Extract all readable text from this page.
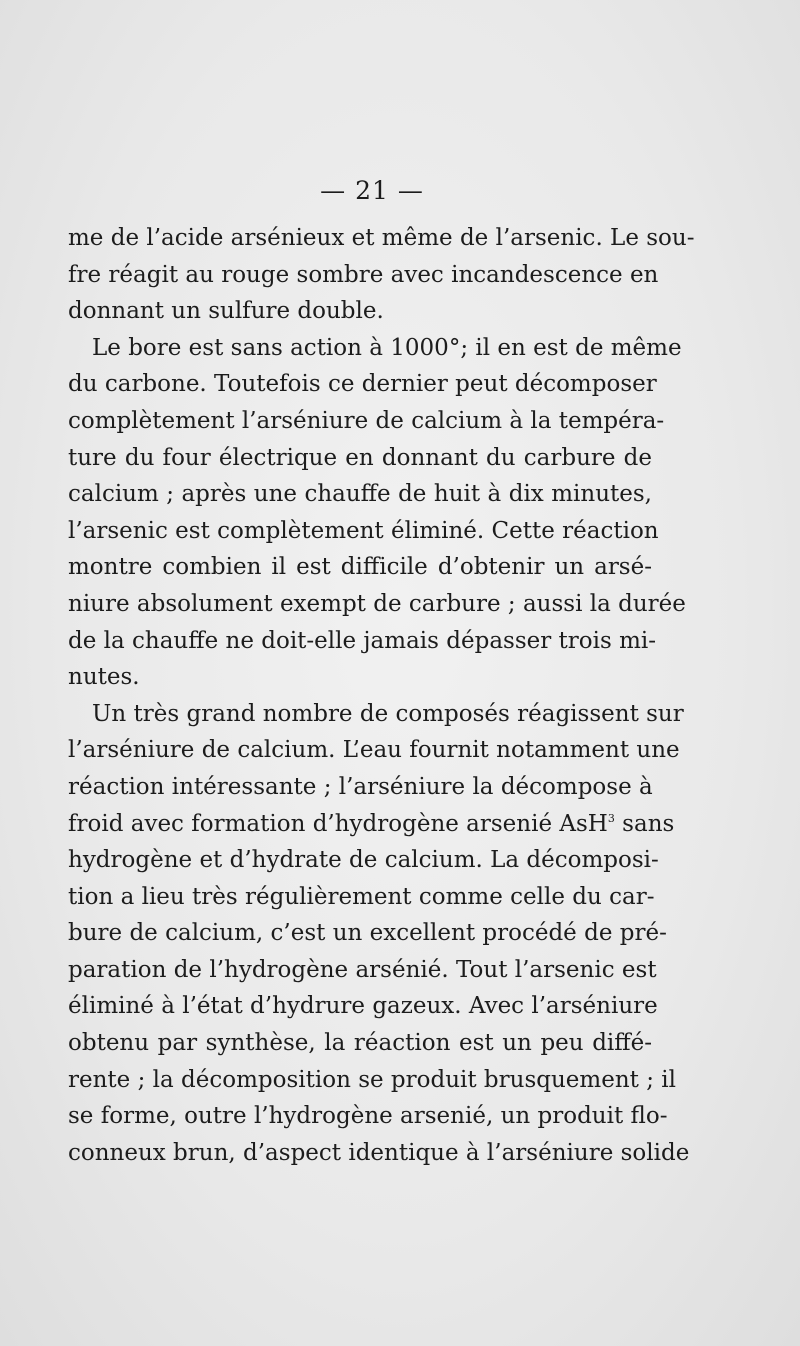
— 21 —
me de l’acide arsénieux et même de l’arsenic. Le sou-
fre réagit au rouge sombre avec incandescence en
donnant un sulfure double.
Le bore est sans action à 1000°; il en est de même
du carbone. Toutefois ce dernier peut décomposer
complètement l’arséniure de calcium à la tempéra-
ture du four électrique en donnant du carbure de
calcium ; après une chauffe de huit à dix minutes,
l’arsenic est complètement éliminé. Cette réaction
montre combien il est difficile d’obtenir un arsé-
niure absolument exempt de carbure ; aussi la durée
de la chauffe ne doit-elle jamais dépasser trois mi-
nutes.
Un très grand nombre de composés réagissent sur
l’arséniure de calcium. L’eau fournit notamment une
réaction intéressante ; l’arséniure la décompose à
froid avec formation d’hydrogène arsenié AsH$^3$ sans
hydrogène et d’hydrate de calcium. La décomposi-
tion a lieu très régulièrement comme celle du car-
bure de calcium, c’est un excellent procédé de pré-
paration de l’hydrogène arsénié. Tout l’arsenic est
éliminé à l’état d’hydrure gazeux. Avec l’arséniure
obtenu par synthèse, la réaction est un peu diffé-
rente ; la décomposition se produit brusquement ; il
se forme, outre l’hydrogène arsenié, un produit flo-
conneux brun, d’aspect identique à l’arséniure solide
